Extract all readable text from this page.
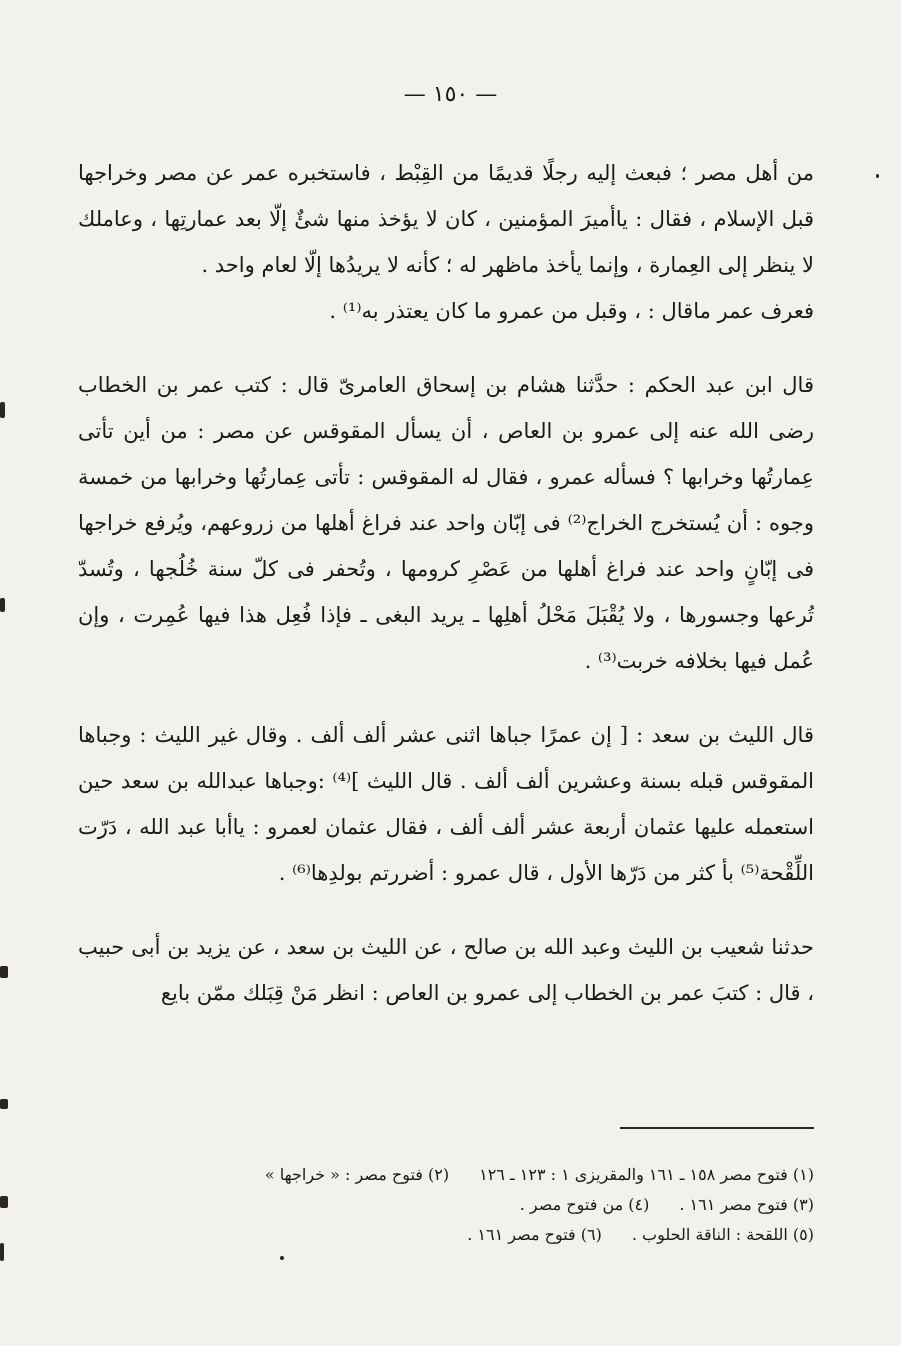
— ١٥٠ —

من أهل مصر ؛ فبعث إليه رجلًا قديمًا من القِبْط ، فاستخبره عمر عن مصر وخراجها قبل الإسلام ، فقال : ياأميرَ المؤمنين ، كان لا يؤخذ منها شئٌ إلّا بعد عمارتِها ، وعاملك لا ينظر إلى العِمارة ، وإنما يأخذ ماظهر له ؛ كأنه لا يريدُها إلّا لعام واحد .

فعرف عمر ماقال : ، وقبل من عمرو ما كان يعتذر به⁽¹⁾ .

قال ابن عبد الحكم : حدَّثنا هشام بن إسحاق العامرىّ قال : كتب عمر بن الخطاب رضى الله عنه إلى عمرو بن العاص ، أن يسأل المقوقس عن مصر : من أين تأتى عِمارتُها وخرابها ؟ فسأله عمرو ، فقال له المقوقس : تأتى عِمارتُها وخرابها من خمسة وجوه : أن يُستخرج الخراج⁽²⁾ فى إبّان واحد عند فراغ أهلها من زروعهم، ويُرفع خراجها فى إبّانٍ واحد عند فراغ أهلها من عَصْرِ كرومها ، وتُحفر فى كلّ سنة خُلُجها ، وتُسدّ تُرعها وجسورها ، ولا يُقْبَلَ مَحْلُ أهلِها ـ يريد البغى ـ فإذا فُعِل هذا فيها عُمِرت ، وإن عُمل فيها بخلافه خربت⁽³⁾ .

قال الليث بن سعد : [ إن عمرًا جباها اثنى عشر ألف ألف . وقال غير الليث : وجباها المقوقس قبله بسنة وعشرين ألف ألف . قال الليث ]⁽⁴⁾ :وجباها عبدالله بن سعد حين استعمله عليها عثمان أربعة عشر ألف ألف ، فقال عثمان لعمرو : ياأبا عبد الله ، دَرّت اللِّقْحة⁽⁵⁾ بأ كثر من دَرّها الأول ، قال عمرو : أضررتم بولدِها⁽⁶⁾ .

حدثنا شعيب بن الليث وعبد الله بن صالح ، عن الليث بن سعد ، عن يزيد بن أبى حبيب ، قال : كتبَ عمر بن الخطاب إلى عمرو بن العاص : انظر مَنْ قِبَلك ممّن بايع

(١) فتوح مصر ١٥٨ ـ ١٦١ والمقريزى ١ : ١٢٣ ـ ١٢٦
(٢) فتوح مصر : « خراجها »
(٣) فتوح مصر ١٦١ .
(٤) من فتوح مصر .
(٥) اللقحة : الناقة الحلوب .
(٦) فتوح مصر ١٦١ .
